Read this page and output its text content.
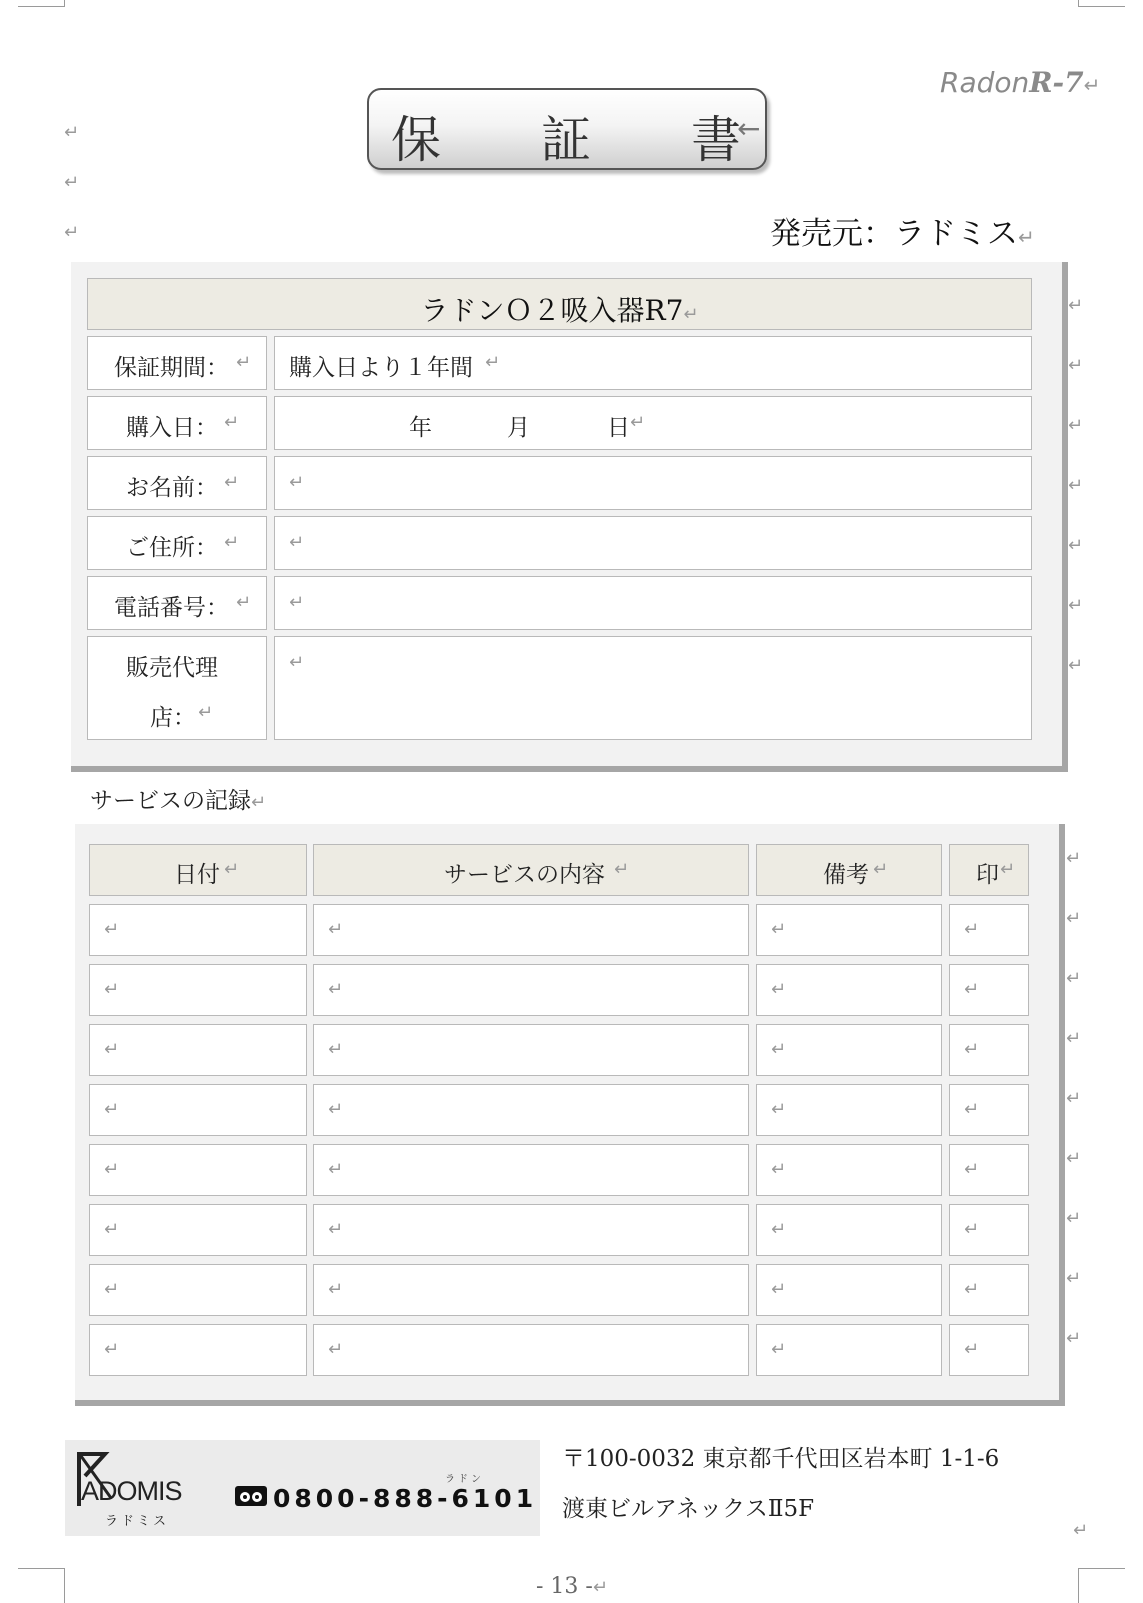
RadonR-7↵
↵
↵
↵
保 証 書
←
発売元：ラドミス↵
ラドンＯ２吸入器R7↵
保証期間： ↵ 購入日より１年間 ↵
購入日： ↵	年	月	日 ↵
お名前： ↵	↵
ご住所： ↵	↵
電話番号： ↵ ↵
販売代理
店： ↵
↵
↵
↵
↵
↵
↵
↵
↵
サービスの記録↵
日付 ↵	サービスの内容 ↵	備考 ↵	印 ↵
↵	↵	↵	↵
↵	↵	↵	↵
↵	↵	↵	↵
↵	↵	↵	↵
↵	↵	↵	↵
↵	↵	↵	↵
↵	↵	↵	↵
↵	↵	↵	↵
↵
↵
↵
↵
↵
↵
↵
↵
↵
ADOMIS
ラドミス
0800-888-6101
ラドン
〒100-0032 東京都千代田区岩本町 1-1-6
渡東ビルアネックスⅡ5F
↵
- 13 -↵
